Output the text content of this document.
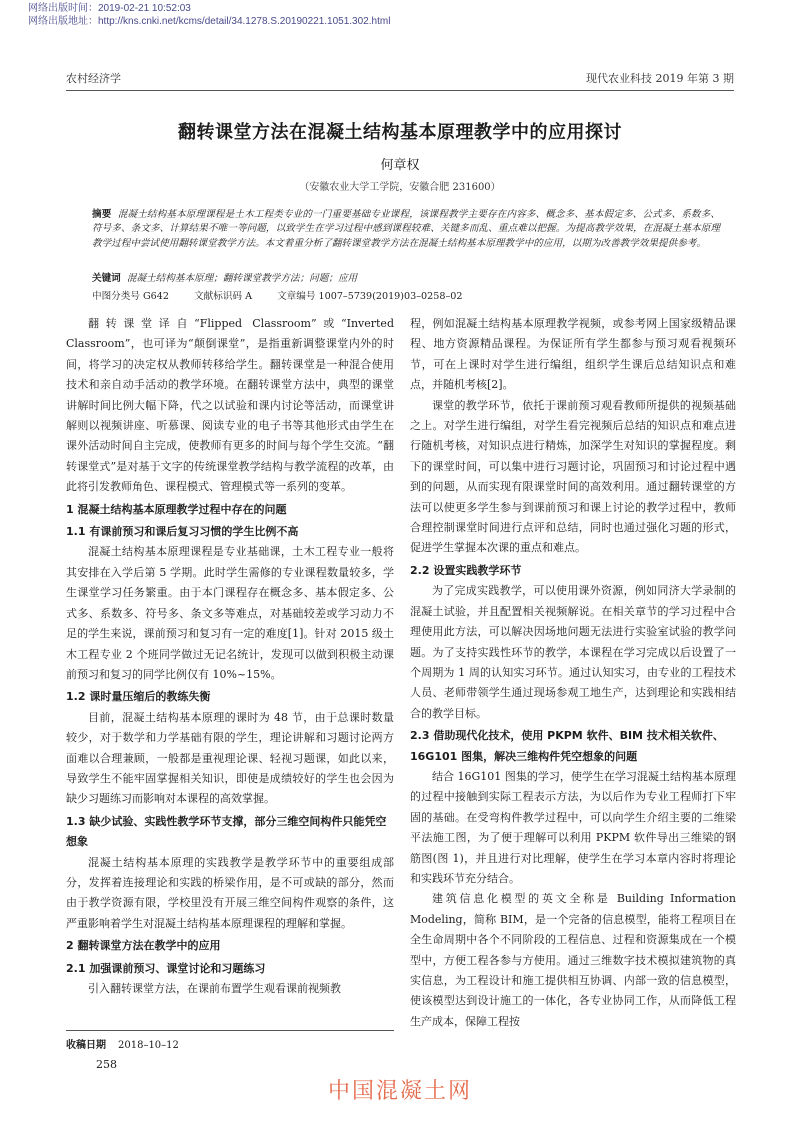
网络出版时间：2019-02-21 10:52:03
网络出版地址：http://kns.cnki.net/kcms/detail/34.1278.S.20190221.1051.302.html
农村经济学	现代农业科技 2019 年第 3 期
翻转课堂方法在混凝土结构基本原理教学中的应用探讨
何章权
（安徽农业大学工学院，安徽合肥 231600）
摘要 混凝土结构基本原理课程是土木工程类专业的一门重要基础专业课程，该课程教学主要存在内容多、概念多、基本假定多、公式多、系数多、符号多、条文多、计算结果不唯一等问题，以致学生在学习过程中感到课程较难、关键多而乱、重点难以把握。为提高教学效果，在混凝土基本原理教学过程中尝试使用翻转课堂教学方法。本文着重分析了翻转课堂教学方法在混凝土结构基本原理教学中的应用，以期为改善教学效果提供参考。
关键词 混凝土结构基本原理；翻转课堂教学方法；问题；应用
中图分类号 G642	文献标识码 A	文章编号 1007–5739(2019)03–0258–02

翻转课堂译自“Flipped Classroom”或“Inverted Classroom”，也可译为“颠倒课堂”，是指重新调整课堂内外的时间，将学习的决定权从教师转移给学生。翻转课堂是一种混合使用技术和亲自动手活动的教学环境。在翻转课堂方法中，典型的课堂讲解时间比例大幅下降，代之以试验和课内讨论等活动，而课堂讲解则以视频讲座、听慕课、阅读专业的电子书等其他形式由学生在课外活动时间自主完成，使教师有更多的时间与每个学生交流。“翻转课堂式”是对基于文字的传统课堂教学结构与教学流程的改革，由此将引发教师角色、课程模式、管理模式等一系列的变革。

1 混凝土结构基本原理教学过程中存在的问题
1.1 有课前预习和课后复习习惯的学生比例不高

混凝土结构基本原理课程是专业基础课，土木工程专业一般将其安排在入学后第 5 学期。此时学生需修的专业课程数量较多，学生课堂学习任务繁重。由于本门课程存在概念多、基本假定多、公式多、系数多、符号多、条文多等难点，对基础较差或学习动力不足的学生来说，课前预习和复习有一定的难度[1]。针对 2015 级土木工程专业 2 个班同学做过无记名统计，发现可以做到积极主动课前预习和复习的同学比例仅有 10%~15%。

1.2 课时量压缩后的教练失衡

目前，混凝土结构基本原理的课时为 48 节，由于总课时数量较少，对于数学和力学基础有限的学生，理论讲解和习题讨论两方面难以合理兼顾，一般都是重视理论课、轻视习题课，如此以来，导致学生不能牢固掌握相关知识，即使是成绩较好的学生也会因为缺少习题练习而影响对本课程的高效掌握。

1.3 缺少试验、实践性教学环节支撑，部分三维空间构件只能凭空想象

混凝土结构基本原理的实践教学是教学环节中的重要组成部分，发挥着连接理论和实践的桥梁作用，是不可或缺的部分，然而由于教学资源有限，学校里没有开展三维空间构件观察的条件，这严重影响着学生对混凝土结构基本原理课程的理解和掌握。

2 翻转课堂方法在教学中的应用
2.1 加强课前预习、课堂讨论和习题练习

引入翻转课堂方法，在课前布置学生观看课前视频教

程，例如混凝土结构基本原理教学视频，或参考网上国家级精品课程、地方资源精品课程。为保证所有学生都参与预习观看视频环节，可在上课时对学生进行编组，组织学生课后总结知识点和难点，并随机考核[2]。

课堂的教学环节，依托于课前预习观看教师所提供的视频基础之上。对学生进行编组，对学生看完视频后总结的知识点和难点进行随机考核，对知识点进行精炼，加深学生对知识的掌握程度。剩下的课堂时间，可以集中进行习题讨论，巩固预习和讨论过程中遇到的问题，从而实现有限课堂时间的高效利用。通过翻转课堂的方法可以使更多学生参与到课前预习和课上讨论的教学过程中，教师合理控制课堂时间进行点评和总结，同时也通过强化习题的形式，促进学生掌握本次课的重点和难点。

2.2 设置实践教学环节

为了完成实践教学，可以使用课外资源，例如同济大学录制的混凝土试验，并且配置相关视频解说。在相关章节的学习过程中合理使用此方法，可以解决因场地问题无法进行实验室试验的教学问题。为了支持实践性环节的教学，本课程在学习完成以后设置了一个周期为 1 周的认知实习环节。通过认知实习，由专业的工程技术人员、老师带领学生通过现场参观工地生产，达到理论和实践相结合的教学目标。

2.3 借助现代化技术，使用 PKPM 软件、BIM 技术相关软件、16G101 图集，解决三维构件凭空想象的问题

结合 16G101 图集的学习，使学生在学习混凝土结构基本原理的过程中接触到实际工程表示方法，为以后作为专业工程师打下牢固的基础。在受弯构件教学过程中，可以向学生介绍主要的二维梁平法施工图，为了便于理解可以利用 PKPM 软件导出三维梁的钢筋图(图 1)，并且进行对比理解，使学生在学习本章内容时将理论和实践环节充分结合。

建筑信息化模型的英文全称是 Building Information Modeling，简称 BIM，是一个完备的信息模型，能将工程项目在全生命周期中各个不同阶段的工程信息、过程和资源集成在一个模型中，方便工程各参与方使用。通过三维数字技术模拟建筑物的真实信息，为工程设计和施工提供相互协调、内部一致的信息模型，使该模型达到设计施工的一体化，各专业协同工作，从而降低工程生产成本，保障工程按

收稿日期 2018–10–12
258
中国混凝土网
